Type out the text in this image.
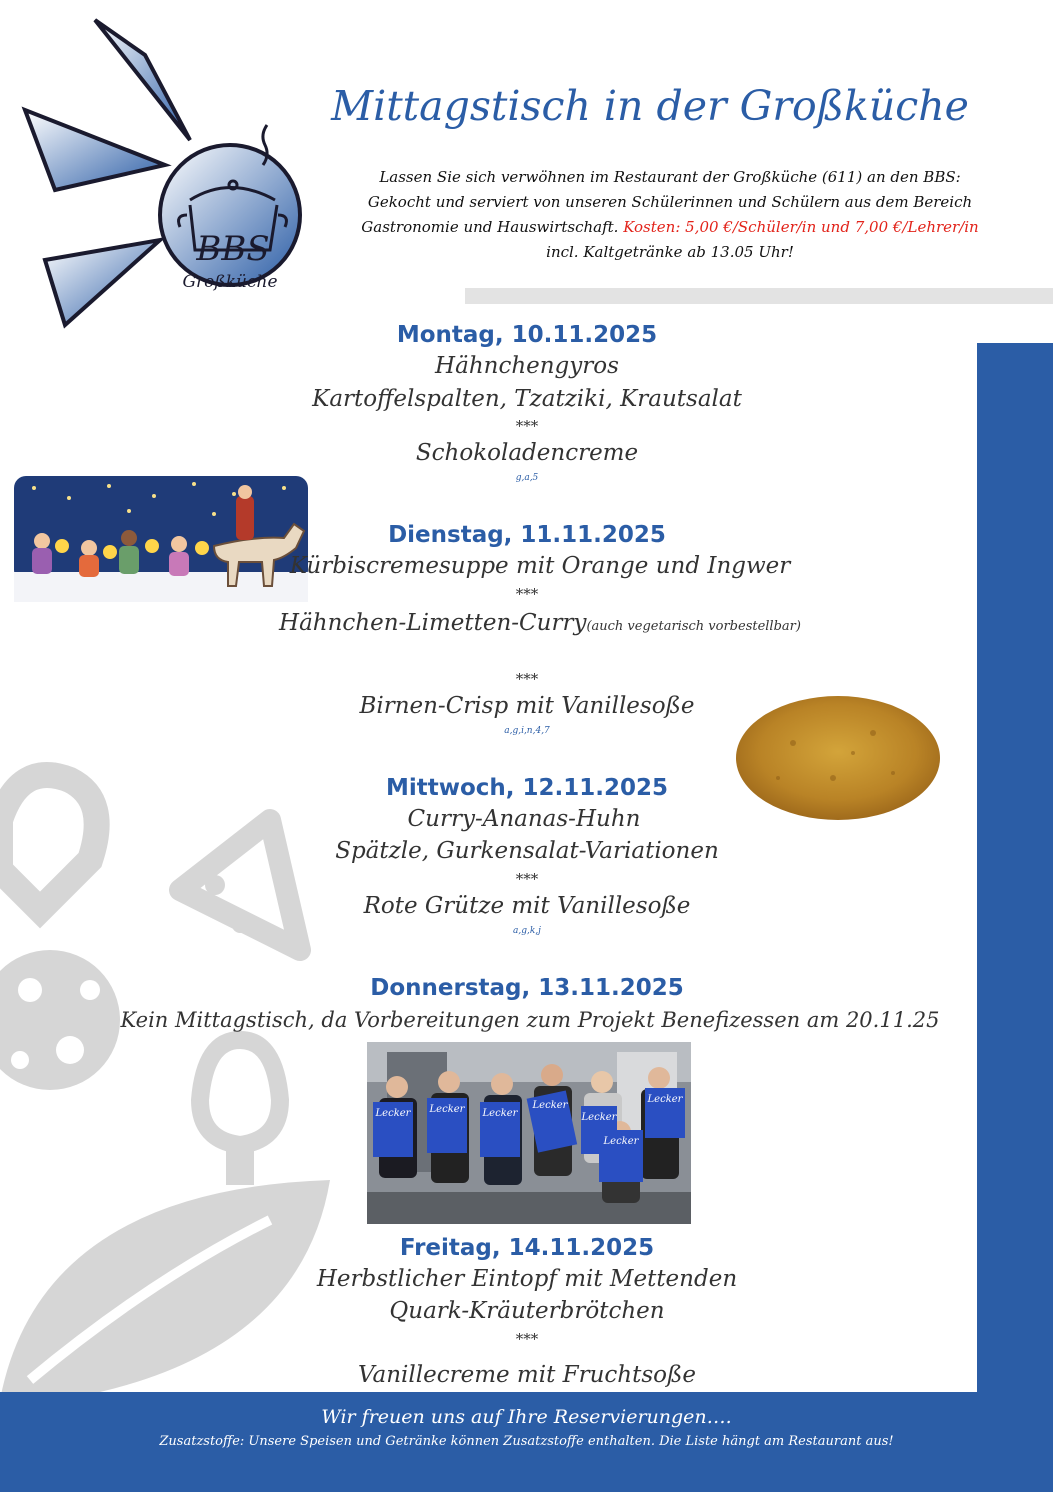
BBS
Großküche
Mittagstisch in der Großküche
Lassen Sie sich verwöhnen im Restaurant der Großküche (611) an den BBS:
Gekocht und serviert von unseren Schülerinnen und Schülern aus dem Bereich
Gastronomie und Hauswirtschaft. Kosten: 5,00 €/Schüler/in und 7,00 €/Lehrer/in
incl. Kaltgetränke ab 13.05 Uhr!
Montag, 10.11.2025
Hähnchengyros
Kartoffelspalten, Tzatziki, Krautsalat
***
Schokoladencreme
g,a,5
Dienstag, 11.11.2025
Kürbiscremesuppe mit Orange und Ingwer
***
Hähnchen-Limetten-Curry(auch vegetarisch vorbestellbar)
***
Birnen-Crisp mit Vanillesoße
a,g,i,n,4,7
Mittwoch, 12.11.2025
Curry-Ananas-Huhn
Spätzle, Gurkensalat-Variationen
***
Rote Grütze mit Vanillesoße
a,g,k,j
Donnerstag, 13.11.2025
Kein Mittagstisch, da Vorbereitungen zum Projekt Benefizessen am 20.11.25
Lecker Lecker Lecker
Lecker
Lecker
Lecker
Lecker
Freitag, 14.11.2025
Herbstlicher Eintopf mit Mettenden
Quark-Kräuterbrötchen
***
Vanillecreme mit Fruchtsoße
Wir freuen uns auf Ihre Reservierungen….
Zusatzstoffe: Unsere Speisen und Getränke können Zusatzstoffe enthalten. Die Liste hängt am Restaurant aus!
